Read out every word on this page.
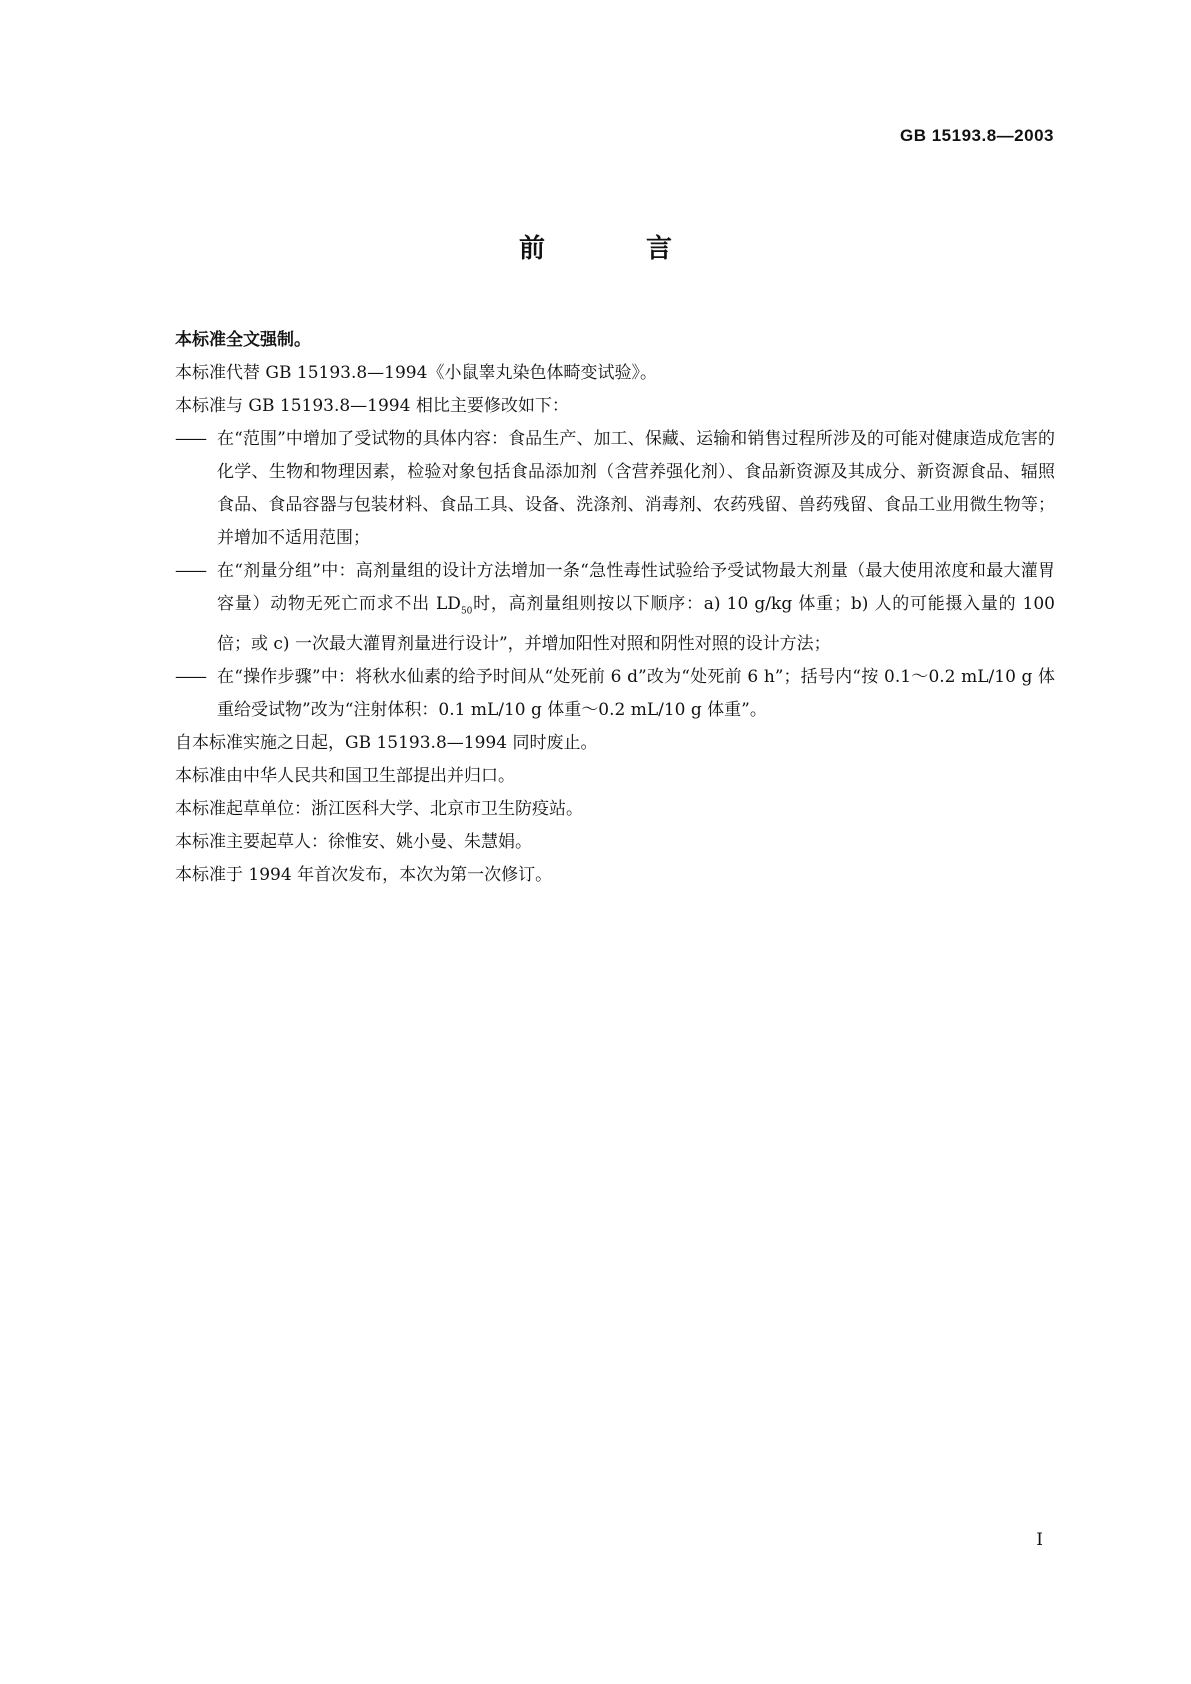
GB 15193.8—2003
前 言
本标准全文强制。
本标准代替 GB 15193.8—1994《小鼠睾丸染色体畸变试验》。
本标准与 GB 15193.8—1994 相比主要修改如下：
—— 在“范围”中增加了受试物的具体内容：食品生产、加工、保藏、运输和销售过程所涉及的可能对健康造成危害的化学、生物和物理因素，检验对象包括食品添加剂（含营养强化剂）、食品新资源及其成分、新资源食品、辐照食品、食品容器与包装材料、食品工具、设备、洗涤剂、消毒剂、农药残留、兽药残留、食品工业用微生物等；并增加不适用范围；
—— 在“剂量分组”中：高剂量组的设计方法增加一条“急性毒性试验给予受试物最大剂量（最大使用浓度和最大灌胃容量）动物无死亡而求不出 $LD_{50}$时，高剂量组则按以下顺序：a) 10 g/kg 体重；b) 人的可能摄入量的 100 倍；或 c) 一次最大灌胃剂量进行设计”，并增加阳性对照和阴性对照的设计方法；
—— 在“操作步骤”中：将秋水仙素的给予时间从“处死前 6 d”改为“处死前 6 h”；括号内“按 0.1～0.2 mL/10 g 体重给受试物”改为“注射体积：0.1 mL/10 g 体重～0.2 mL/10 g 体重”。
自本标准实施之日起，GB 15193.8—1994 同时废止。
本标准由中华人民共和国卫生部提出并归口。
本标准起草单位：浙江医科大学、北京市卫生防疫站。
本标准主要起草人：徐惟安、姚小曼、朱慧娟。
本标准于 1994 年首次发布，本次为第一次修订。
I
